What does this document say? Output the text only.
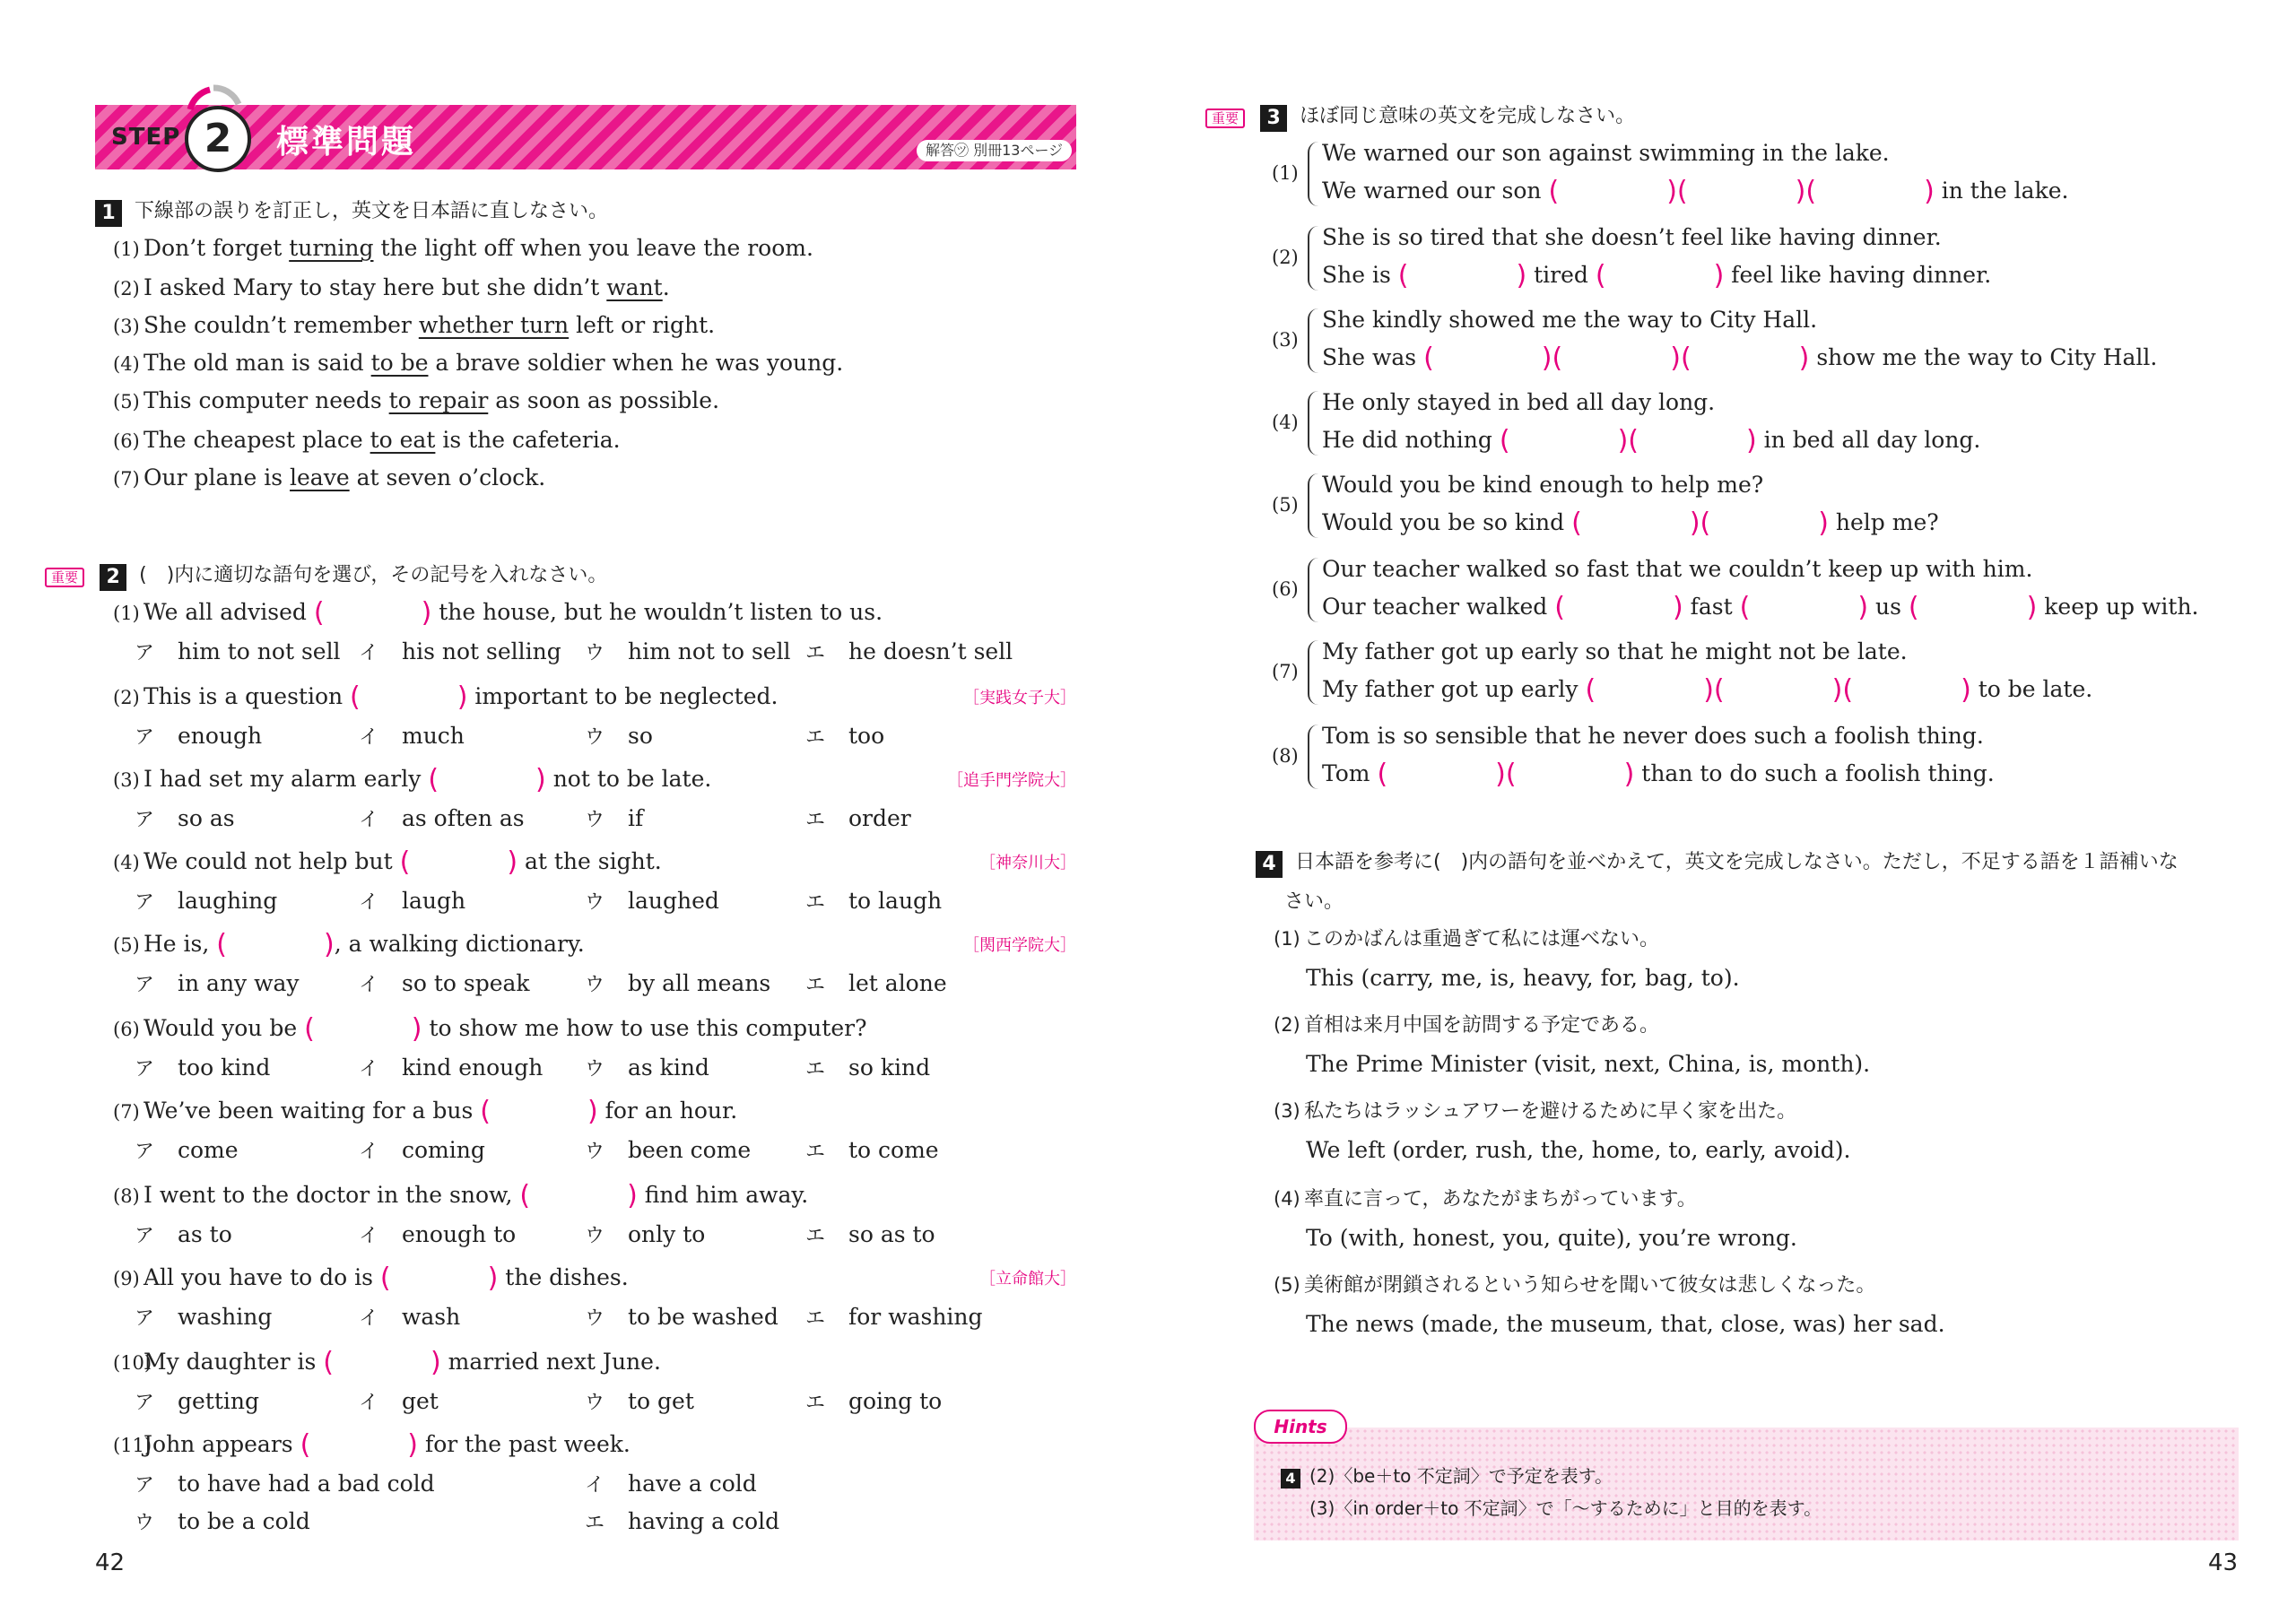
STEP 2	標準問題	解答㋡ 別冊13ページ
1 下線部の誤りを訂正し，英文を日本語に直しなさい。
重要 2 (　)内に適切な語句を選び，その記号を入れなさい。
42
重要 3 ほぼ同じ意味の英文を完成しなさい。
4 日本語を参考に(　)内の語句を並べかえて，英文を完成しなさい。ただし，不足する語を１語補いな
さい。
Hints
4 (2)〈be＋to 不定詞〉で予定を表す。
(3)〈in order＋to 不定詞〉で「〜するために」と目的を表す。
43
(1) Don’t forget turning the light off when you leave the room.
(2) I asked Mary to stay here but she didn’t want.
(3) She couldn’t remember whether turn left or right.
(4) The old man is said to be a brave soldier when he was young.
(5) This computer needs to repair as soon as possible.
(6) The cheapest place to eat is the cafeteria.
(7) Our plane is leave at seven o’clock.
(1) We all advised (	) the house, but he wouldn’t listen to us.
ア him to not sell イ his not selling ウ him not to sell エ he doesn’t sell
(2) This is a question (	) important to be neglected.	［実践女子大］
ア enough	イ much	ウ so	エ too
(3) I had set my alarm early (	) not to be late.	［追手門学院大］
ア so as	イ as often as	ウ if	エ order
(4) We could not help but (	) at the sight.	［神奈川大］
ア laughing	イ laugh	ウ laughed	エ to laugh
(5) He is, (	), a walking dictionary.	［関西学院大］
ア in any way	イ so to speak	ウ by all means エ let alone
(6) Would you be (	) to show me how to use this computer?
ア too kind	イ kind enough ウ as kind	エ so kind
(7) We’ve been waiting for a bus (	) for an hour.
ア come	イ coming	ウ been come	エ to come
(8) I went to the doctor in the snow, (	) find him away.
ア as to	イ enough to	ウ only to	エ so as to
(9) All you have to do is (	) the dishes.	［立命館大］
ア washing	イ wash	ウ to be washed エ for washing
(10)My daughter is (	) married next June.
ア getting	イ get	ウ to get	エ going to
(11)John appears (	) for the past week.
ア to have had a bad cold	イ have a cold
ウ to be a cold	エ having a cold
(1)
We warned our son against swimming in the lake.
We warned our son (	)(	)(	) in the lake.
(2)
She is so tired that she doesn’t feel like having dinner.
She is (	) tired (	) feel like having dinner.
(3)
She kindly showed me the way to City Hall.
She was (	)(	)(	) show me the way to City Hall.
(4)
He only stayed in bed all day long.
He did nothing (	)(	) in bed all day long.
(5)
Would you be kind enough to help me?
Would you be so kind (	)(	) help me?
(6)
Our teacher walked so fast that we couldn’t keep up with him.
Our teacher walked (	) fast (	) us (	) keep up with.
(7)
My father got up early so that he might not be late.
My father got up early (	)(	)(	) to be late.
(8)
Tom is so sensible that he never does such a foolish thing.
Tom (	)(	) than to do such a foolish thing.
(1) このかばんは重過ぎて私には運べない。
This (carry, me, is, heavy, for, bag, to).
(2) 首相は来月中国を訪問する予定である。
The Prime Minister (visit, next, China, is, month).
(3) 私たちはラッシュアワーを避けるために早く家を出た。
We left (order, rush, the, home, to, early, avoid).
(4) 率直に言って，あなたがまちがっています。
To (with, honest, you, quite), you’re wrong.
(5) 美術館が閉鎖されるという知らせを聞いて彼女は悲しくなった。
The news (made, the museum, that, close, was) her sad.
